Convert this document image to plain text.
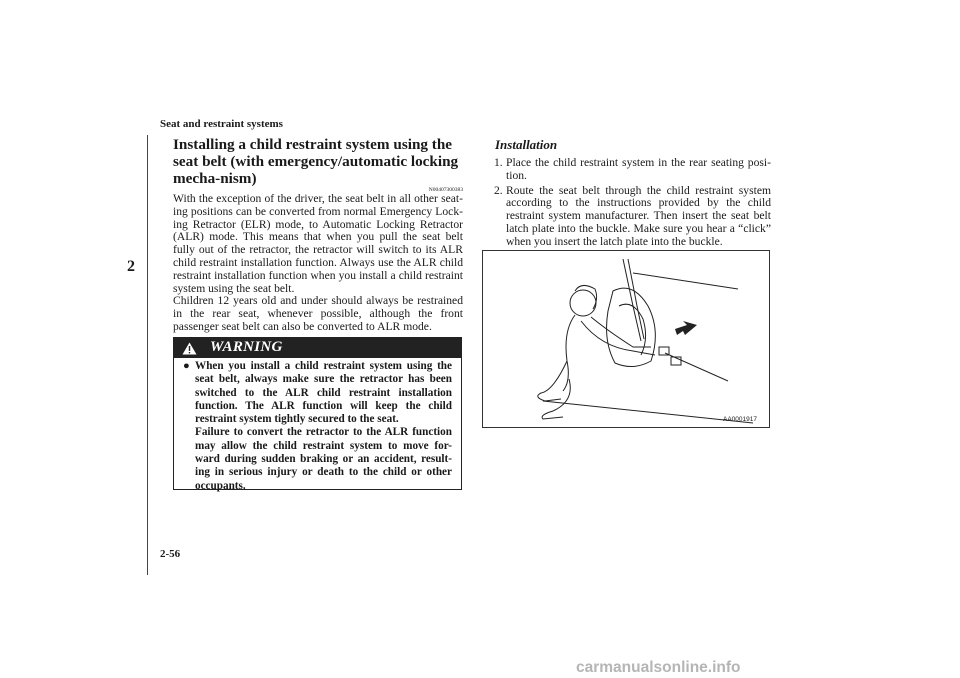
Seat and restraint systems
2
Installing a child restraint system using the seat belt (with emergency/automatic locking mecha-nism)
N00407300383

With the exception of the driver, the seat belt in all other seat-ing positions can be converted from normal Emergency Lock-ing Retractor (ELR) mode, to Automatic Locking Retractor (ALR) mode. This means that when you pull the seat belt fully out of the retractor, the retractor will switch to its ALR child restraint installation function. Always use the ALR child restraint installation function when you install a child restraint system using the seat belt.

Children 12 years old and under should always be restrained in the rear seat, whenever possible, although the front passenger seat belt can also be converted to ALR mode.

WARNING
● When you install a child restraint system using the seat belt, always make sure the retractor has been switched to the ALR child restraint installation function. The ALR function will keep the child restraint system tightly secured to the seat.
Failure to convert the retractor to the ALR function may allow the child restraint system to move for-ward during sudden braking or an accident, result-ing in serious injury or death to the child or other occupants.
Installation
1. Place the child restraint system in the rear seating posi-tion.
2. Route the seat belt through the child restraint system according to the instructions provided by the child restraint system manufacturer. Then insert the seat belt latch plate into the buckle. Make sure you hear a “click” when you insert the latch plate into the buckle.
AA0001917
2-56
carmanualsonline.info
